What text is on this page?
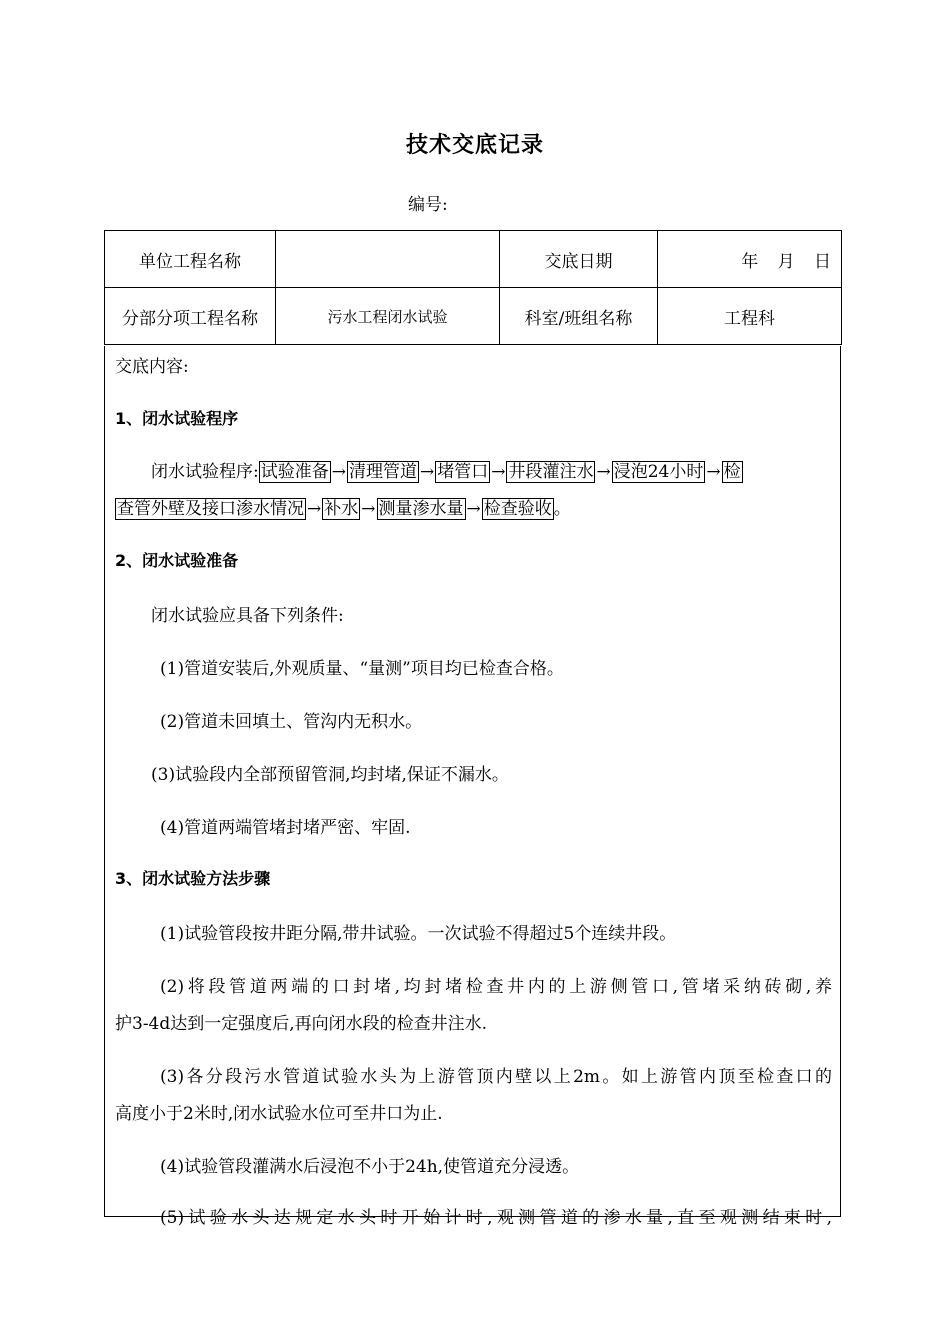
技术交底记录
编号:
单位工程名称		交底日期	年 月 日
分部分项工程名称	污水工程闭水试验	科室/班组名称	工程科
交底内容:
1、闭水试验程序
闭水试验程序: 试验准备 → 清理管道 → 堵管口 → 井段灌注水 → 浸泡24小时 → 检
查管外壁及接口渗水情况 → 补水 → 测量渗水量 → 检查验收 。
2、闭水试验准备
闭水试验应具备下列条件:
(1)管道安装后,外观质量、“量测”项目均已检查合格。
(2)管道未回填土、管沟内无积水。
(3)试验段内全部预留管洞,均封堵,保证不漏水。
(4)管道两端管堵封堵严密、牢固.
3、闭水试验方法步骤
(1)试验管段按井距分隔,带井试验。一次试验不得超过5个连续井段。
(2)将段管道两端的口封堵,均封堵检查井内的上游侧管口,管堵采纳砖砌,养
护3-4d达到一定强度后,再向闭水段的检查井注水.
(3)各分段污水管道试验水头为上游管顶内壁以上2m。如上游管内顶至检查口的
高度小于2米时,闭水试验水位可至井口为止.
(4)试验管段灌满水后浸泡不小于24h,使管道充分浸透。
(5)试验水头达规定水头时开始计时,观测管道的渗水量,直至观测结束时,
